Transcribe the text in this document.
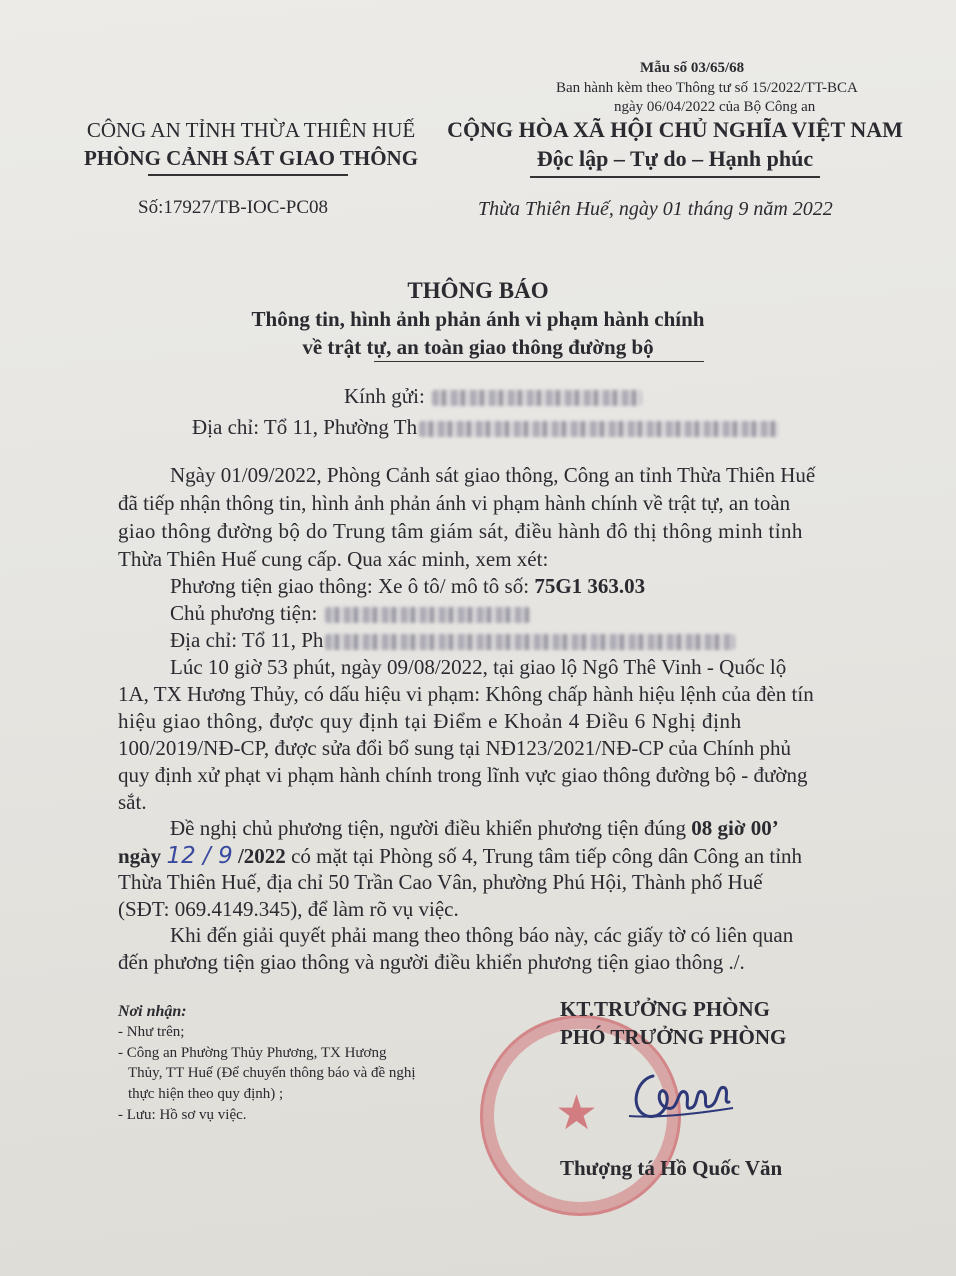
Mẫu số 03/65/68
Ban hành kèm theo Thông tư số 15/2022/TT-BCA
ngày 06/04/2022 của Bộ Công an
CÔNG AN TỈNH THỪA THIÊN HUẾ
PHÒNG CẢNH SÁT GIAO THÔNG
CỘNG HÒA XÃ HỘI CHỦ NGHĨA VIỆT NAM
Độc lập – Tự do – Hạnh phúc
Số:17927/TB-IOC-PC08	Thừa Thiên Huế, ngày 01 tháng 9 năm 2022
THÔNG BÁO
Thông tin, hình ảnh phản ánh vi phạm hành chính
về trật tự, an toàn giao thông đường bộ
Kính gửi:
Địa chỉ: Tổ 11, Phường Th
Ngày 01/09/2022, Phòng Cảnh sát giao thông, Công an tỉnh Thừa Thiên Huế
đã tiếp nhận thông tin, hình ảnh phản ánh vi phạm hành chính về trật tự, an toàn
giao thông đường bộ do Trung tâm giám sát, điều hành đô thị thông minh tỉnh
Thừa Thiên Huế cung cấp. Qua xác minh, xem xét:
Phương tiện giao thông: Xe ô tô/ mô tô số: 75G1 363.03
Chủ phương tiện:
Địa chỉ: Tổ 11, Ph
Lúc 10 giờ 53 phút, ngày 09/08/2022, tại giao lộ Ngô Thê Vinh - Quốc lộ
1A, TX Hương Thủy, có dấu hiệu vi phạm: Không chấp hành hiệu lệnh của đèn tín
hiệu giao thông, được quy định tại Điểm e Khoản 4 Điều 6 Nghị định
100/2019/NĐ-CP, được sửa đổi bổ sung tại NĐ123/2021/NĐ-CP của Chính phủ
quy định xử phạt vi phạm hành chính trong lĩnh vực giao thông đường bộ - đường
sắt.
Đề nghị chủ phương tiện, người điều khiển phương tiện đúng 08 giờ 00’
ngày 12 / 9 /2022 có mặt tại Phòng số 4, Trung tâm tiếp công dân Công an tỉnh
Thừa Thiên Huế, địa chỉ 50 Trần Cao Vân, phường Phú Hội, Thành phố Huế
(SĐT: 069.4149.345), để làm rõ vụ việc.
Khi đến giải quyết phải mang theo thông báo này, các giấy tờ có liên quan
đến phương tiện giao thông và người điều khiển phương tiện giao thông ./.
Nơi nhận:
- Như trên;
- Công an Phường Thủy Phương, TX Hương
Thủy, TT Huế (Để chuyển thông báo và đề nghị
thực hiện theo quy định) ;
- Lưu: Hồ sơ vụ việc.	★
KT.TRƯỞNG PHÒNG
PHÓ TRƯỞNG PHÒNG
Thượng tá Hồ Quốc Văn
